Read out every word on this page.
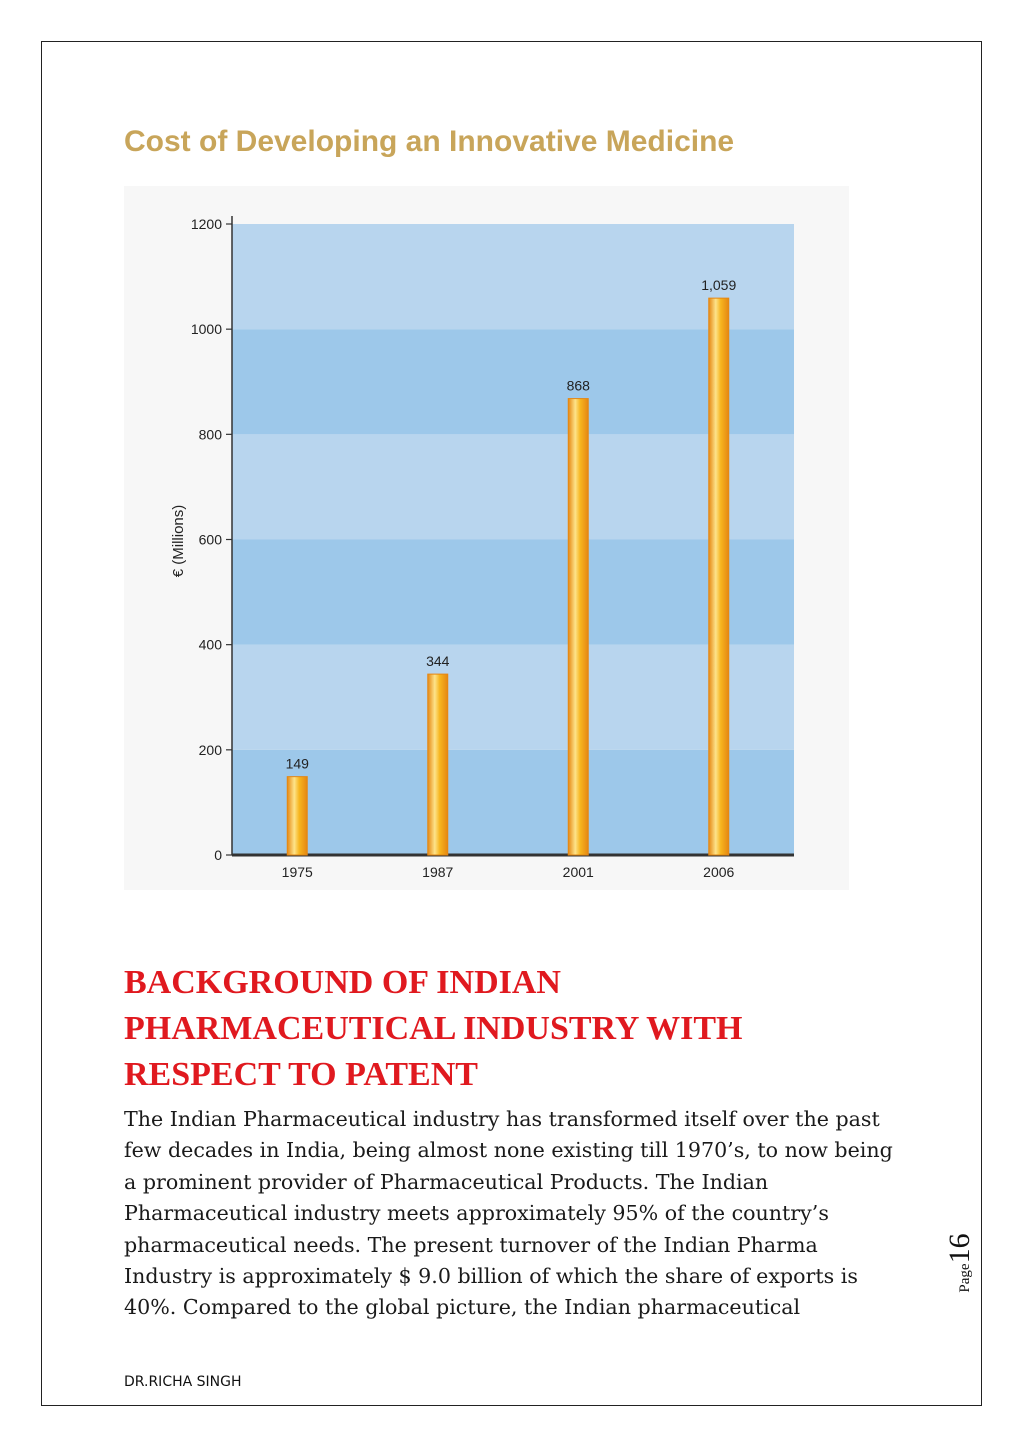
Cost of Developing an Innovative Medicine
0
200
400
600
800
1000
1200
149
344
868
1,059
1975	1987	2001	2006
€ (Millions)
BACKGROUND OF INDIAN PHARMACEUTICAL INDUSTRY WITH RESPECT TO PATENT

The Indian Pharmaceutical industry has transformed itself over the past
few decades in India, being almost none existing till 1970’s, to now being
a prominent provider of Pharmaceutical Products. The Indian
Pharmaceutical industry meets approximately 95% of the country’s
pharmaceutical needs. The present turnover of the Indian Pharma
Industry is approximately $ 9.0 billion of which the share of exports is
40%. Compared to the global picture, the Indian pharmaceutical

DR.RICHA SINGH
Page
16
